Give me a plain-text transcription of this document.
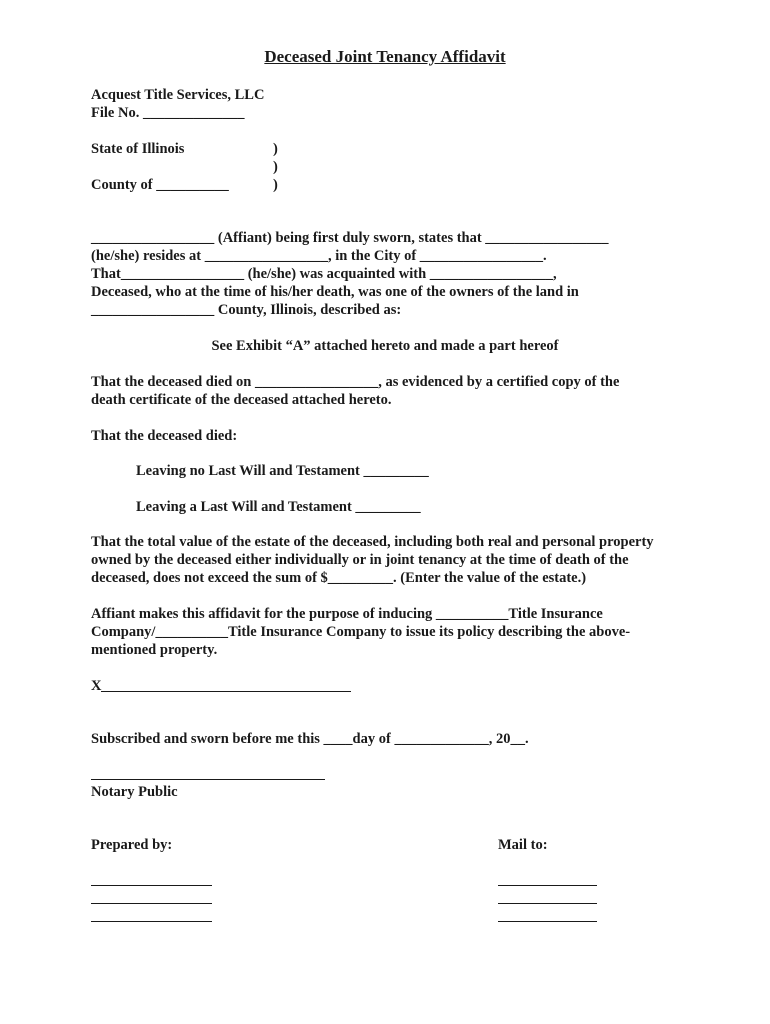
Deceased Joint Tenancy Affidavit
Acquest Title Services, LLC
File No. ______________
State of Illinois	)
)
County of __________	)
_________________ (Affiant) being first duly sworn, states that _________________
(he/she) resides at _________________, in the City of _________________.
That_________________ (he/she) was acquainted with _________________,
Deceased, who at the time of his/her death, was one of the owners of the land in
_________________ County, Illinois, described as:
See Exhibit “A” attached hereto and made a part hereof
That the deceased died on _________________, as evidenced by a certified copy of the
death certificate of the deceased attached hereto.
That the deceased died:
Leaving no Last Will and Testament _________
Leaving a Last Will and Testament _________
That the total value of the estate of the deceased, including both real and personal property
owned by the deceased either individually or in joint tenancy at the time of death of the
deceased, does not exceed the sum of $_________. (Enter the value of the estate.)
Affiant makes this affidavit for the purpose of inducing __________Title Insurance
Company/__________Title Insurance Company to issue its policy describing the above-
mentioned property.
X
Subscribed and sworn before me this ____day of _____________, 20__.
Notary Public
Prepared by:	Mail to:
